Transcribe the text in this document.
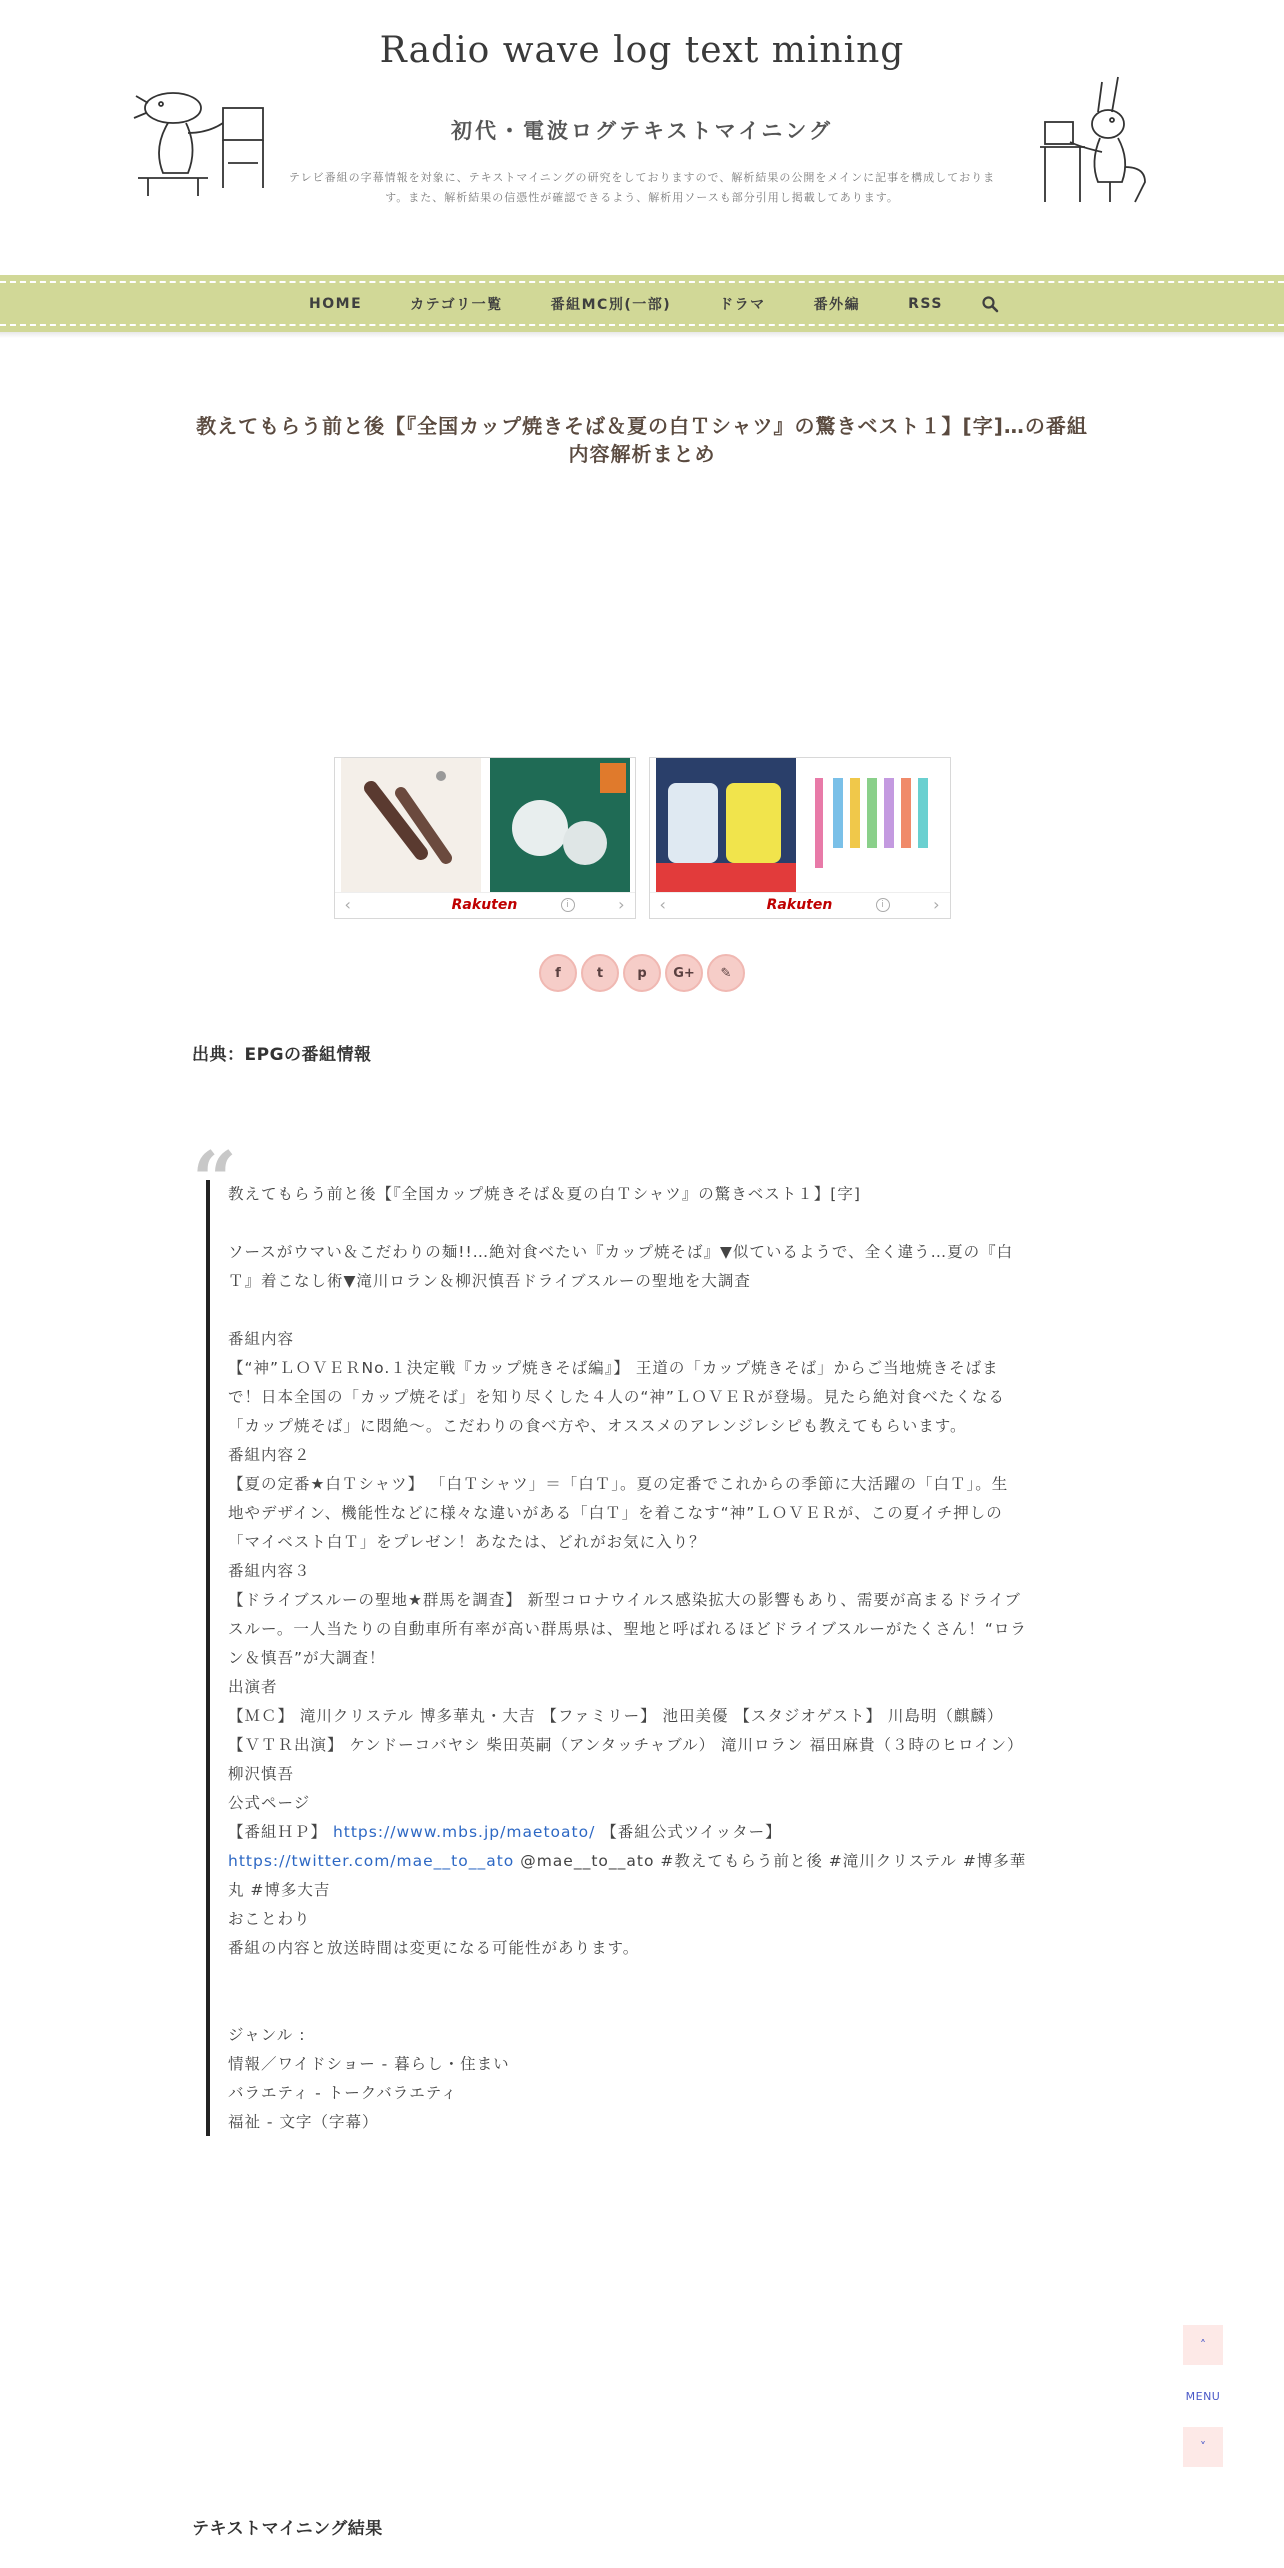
Radio wave log text mining
初代・電波ログテキストマイニング
テレビ番組の字幕情報を対象に、テキストマイニングの研究をしておりますので、解析結果の公開をメインに記事を構成しております。また、解析結果の信憑性が確認できるよう、解析用ソースも部分引用し掲載してあります。
HOME	カテゴリ一覧	番組MC別(一部)	ドラマ	番外編	RSS
教えてもらう前と後【『全国カップ焼きそば＆夏の白Ｔシャツ』の驚きベスト１】[字]…の番組内容解析まとめ
‹	Rakuten	i	› ‹	Rakuten	i	›
f	t	p	G+	✎
出典：EPGの番組情報
“
教えてもらう前と後【『全国カップ焼きそば＆夏の白Ｔシャツ』の驚きベスト１】[字]
ソースがウマい＆こだわりの麺!!…絶対食べたい『カップ焼そば』▼似ているようで、全く違う…夏の『白
Ｔ』着こなし術▼滝川ロラン＆柳沢慎吾ドライブスルーの聖地を大調査
番組内容
【“神”ＬＯＶＥＲNo.１決定戦『カップ焼きそば編』】 王道の「カップ焼きそば」からご当地焼きそばま
で！日本全国の「カップ焼そば」を知り尽くした４人の“神”ＬＯＶＥＲが登場。見たら絶対食べたくなる
「カップ焼そば」に悶絶～。こだわりの食べ方や、オススメのアレンジレシピも教えてもらいます。
番組内容２
【夏の定番★白Ｔシャツ】 「白Ｔシャツ」＝「白Ｔ」。夏の定番でこれからの季節に大活躍の「白Ｔ」。生
地やデザイン、機能性などに様々な違いがある「白Ｔ」を着こなす“神”ＬＯＶＥＲが、この夏イチ押しの
「マイベスト白Ｔ」をプレゼン！あなたは、どれがお気に入り？
番組内容３
【ドライブスルーの聖地★群馬を調査】 新型コロナウイルス感染拡大の影響もあり、需要が高まるドライブ
スルー。一人当たりの自動車所有率が高い群馬県は、聖地と呼ばれるほどドライブスルーがたくさん！“ロラ
ン＆慎吾”が大調査！
出演者
【ＭＣ】 滝川クリステル 博多華丸・大吉 【ファミリー】 池田美優 【スタジオゲスト】 川島明（麒麟）
【ＶＴＲ出演】 ケンドーコバヤシ 柴田英嗣（アンタッチャブル） 滝川ロラン 福田麻貴（３時のヒロイン）
柳沢慎吾
公式ページ
【番組ＨＰ】 https://www.mbs.jp/maetoato/ 【番組公式ツイッター】
https://twitter.com/mae__to__ato @mae__to__ato #教えてもらう前と後 #滝川クリステル #博多華
丸 #博多大吉
おことわり
番組の内容と放送時間は変更になる可能性があります。
ジャンル :
情報／ワイドショー - 暮らし・住まい
バラエティ - トークバラエティ
福祉 - 文字（字幕）
テキストマイニング結果
˄
MENU
˅
